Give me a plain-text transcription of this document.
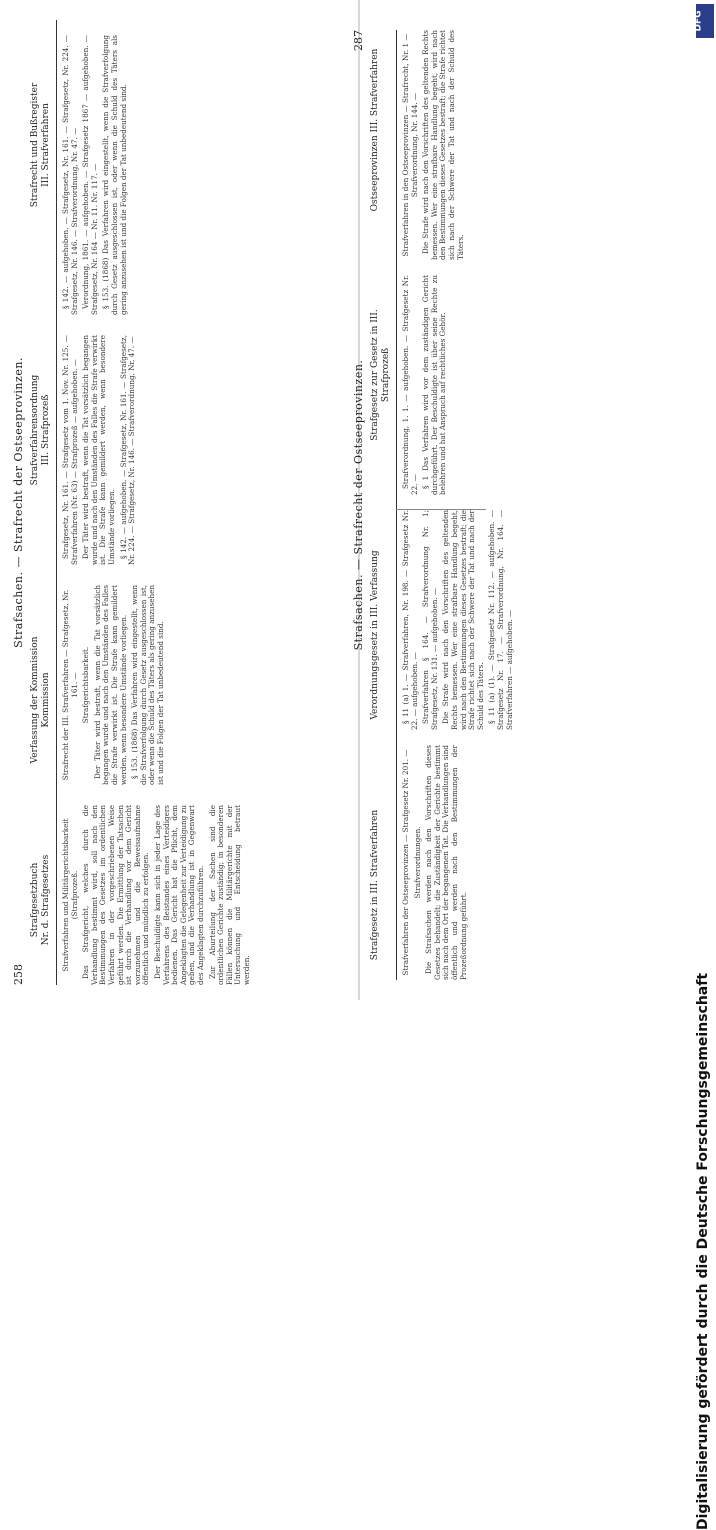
258
Strafsachen. — Strafrecht der Ostseeprovinzen.
Strafgesetzbuch Nr. d. Strafgesetzes
Verfassung der Kommission Kommission
Strafverfahrensordnung III. Strafprozeß
Strafrecht und Bußregister III. Strafverfahren

Strafverfahren und Militärgerichtsbarkeit (Strafprozeß. Das Strafgericht, welches durch die Verhandlung bestimmt wird, soll nach den Bestimmungen des Gesetzes im ordentlichen Verfahren in der vorgeschriebenen Weise geführt werden. Die Ermittlung der Tatsachen ist durch die Verhandlung vor dem Gericht vorzunehmen und die Beweisaufnahme öffentlich und mündlich zu erfolgen. Der Beschuldigte kann sich in jeder Lage des Verfahrens des Beistandes eines Verteidigers bedienen. Das Gericht hat die Pflicht, dem Angeklagten die Gelegenheit zur Verteidigung zu geben, und die Verhandlung ist in Gegenwart des Angeklagten durchzuführen. Zur Aburteilung der Sachen sind die ordentlichen Gerichte zuständig; in besonderen Fällen können die Militärgerichte mit der Untersuchung und Entscheidung betraut werden.

Strafrecht der III. Strafverfahren — Strafgesetz, Nr. 161. — Strafgerichtsbarkeit. Der Täter wird bestraft, wenn die Tat vorsätzlich begangen wurde und nach den Umständen des Falles die Strafe verwirkt ist. Die Strafe kann gemildert werden, wenn besondere Umstände vorliegen. § 153. (1868) Das Verfahren wird eingestellt, wenn die Strafverfolgung durch Gesetz ausgeschlossen ist, oder wenn die Schuld des Täters als gering anzusehen ist und die Folgen der Tat unbedeutend sind.

Strafgesetz, Nr. 161. — Strafgesetz vom 1. Nov. Nr. 125. — Strafverfahren (Nr. 63) — Strafprozeß — aufgehoben. — Der Täter wird bestraft, wenn die Tat vorsätzlich begangen wurde und nach den Umständen des Falles die Strafe verwirkt ist. Die Strafe kann gemildert werden, wenn besondere Umstände vorliegen. § 142. — aufgehoben. — Strafgesetz, Nr. 161. — Strafgesetz, Nr. 224. — Strafgesetz, Nr. 146. — Strafverordnung, Nr. 47. —

§ 142. — aufgehoben. — Strafgesetz, Nr. 161. — Strafgesetz, Nr. 224. — Strafgesetz, Nr. 146. — Strafverordnung, Nr. 47. — Verordnung, 1861. — aufgehoben. — Strafgesetz 1867 — aufgehoben. — Strafgesetz, Nr. 164 — Nr. 11. Nr. 117. — § 153. (1868) Das Verfahren wird eingestellt, wenn die Strafverfolgung durch Gesetz ausgeschlossen ist, oder wenn die Schuld des Täters als gering anzusehen ist und die Folgen der Tat unbedeutend sind.

287
Strafsachen. — Strafrecht der Ostseeprovinzen.
Strafgesetz in III. Strafverfahren
Verordnungsgesetz in III. Verfassung
Strafgesetz zur Gesetz in III. Strafprozeß
Ostseeprovinzen III. Strafverfahren

Strafverfahren der Ostseeprovinzen — Strafgesetz Nr. 201. — Strafverordnungen. Die Strafsachen werden nach den Vorschriften dieses Gesetzes behandelt; die Zuständigkeit der Gerichte bestimmt sich nach dem Ort der begangenen Tat. Die Verhandlungen sind öffentlich und werden nach den Bestimmungen der Prozeßordnung geführt.

§ 11 (a) 1. — Strafverfahren, Nr. 198. — Strafgesetz Nr. 22. — aufgehoben. — Strafverfahren § 164. — Strafverordnung Nr. 1; Strafgesetz, Nr. 131. — aufgehoben. — Die Strafe wird nach den Vorschriften des geltenden Rechts bemessen. Wer eine strafbare Handlung begeht, wird nach den Bestimmungen dieses Gesetzes bestraft; die Strafe richtet sich nach der Schwere der Tat und nach der Schuld des Täters. § 11 (a) (1). — Strafgesetz Nr. 112. — aufgehoben. — Strafgesetz Nr. 17. — Strafverordnung, Nr. 164. — Strafverfahren — aufgehoben. —

Strafverordnung, 1. 1. — aufgehoben. — Strafgesetz Nr. 22. — § 1 Das Verfahren wird vor dem zuständigen Gericht durchgeführt. Der Beschuldigte ist über seine Rechte zu belehren und hat Anspruch auf rechtliches Gehör.

Strafverfahren in den Ostseeprovinzen — Strafrecht, Nr. 1 — Strafverordnung, Nr. 144. — Die Strafe wird nach den Vorschriften des geltenden Rechts bemessen. Wer eine strafbare Handlung begeht, wird nach den Bestimmungen dieses Gesetzes bestraft; die Strafe richtet sich nach der Schwere der Tat und nach der Schuld des Täters.

Digitalisierung gefördert durch die Deutsche Forschungsgemeinschaft
DFG
